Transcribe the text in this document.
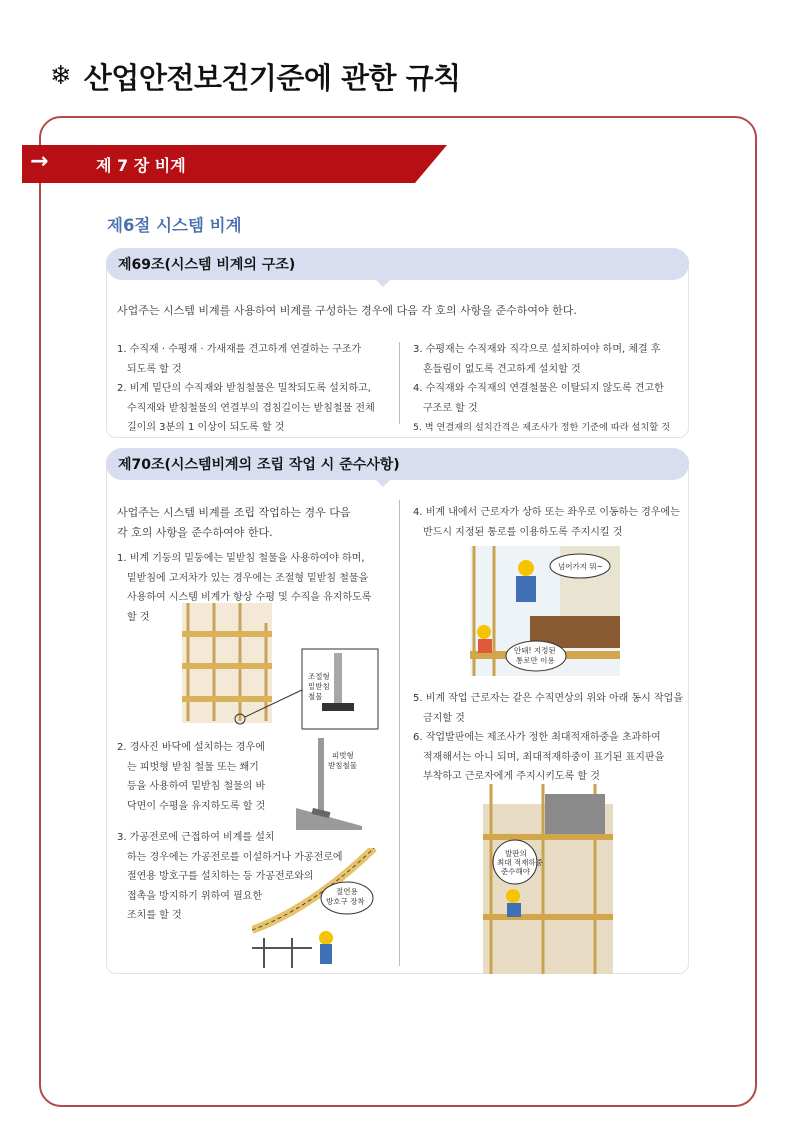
❄ 산업안전보건기준에 관한 규칙
→	제 7 장 비계
제6절 시스템 비계
제69조(시스템 비계의 구조)
사업주는 시스템 비계를 사용하여 비계를 구성하는 경우에 다음 각 호의 사항을 준수하여야 한다.
1. 수직재 · 수평재 · 가새재를 견고하게 연결하는 구조가
되도록 할 것
2. 비계 밑단의 수직재와 받침철물은 밀착되도록 설치하고,
수직재와 받침철물의 연결부의 겹침길이는 받침철물 전체
길이의 3분의 1 이상이 되도록 할 것
3. 수평재는 수직재와 직각으로 설치하여야 하며, 체결 후
흔들림이 없도록 견고하게 설치할 것
4. 수직재와 수직재의 연결철물은 이탈되지 않도록 견고한
구조로 할 것
5. 벽 연결재의 설치간격은 제조사가 정한 기준에 따라 설치할 것
제70조(시스템비계의 조립 작업 시 준수사항)
사업주는 시스템 비계를 조립 작업하는 경우 다음
각 호의 사항을 준수하여야 한다.
1. 비계 기둥의 밑둥에는 밑받침 철물을 사용하여야 하며,
밑받침에 고저차가 있는 경우에는 조절형 밑받침 철물을
사용하여 시스템 비계가 항상 수평 및 수직을 유지하도록
할 것
조절형
밑받침
철물
2. 경사진 바닥에 설치하는 경우에
는 피벗형 받침 철물 또는 쐐기
등을 사용하여 밑받침 철물의 바
닥면이 수평을 유지하도록 할 것
피벗형
받침철물
3. 가공전로에 근접하여 비계를 설치
하는 경우에는 가공전로를 이설하거나 가공전로에
절연용 방호구를 설치하는 등 가공전로와의
접촉을 방지하기 위하여 필요한
조치를 할 것
절연용
방호구 장착
4. 비계 내에서 근로자가 상하 또는 좌우로 이동하는 경우에는
반드시 지정된 통로를 이용하도록 주지시킬 것
넘어가지 뭐~
안돼! 지정된
통로만 이용
5. 비계 작업 근로자는 같은 수직면상의 위와 아래 동시 작업을
금지할 것
6. 작업발판에는 제조사가 정한 최대적재하중을 초과하여
적재해서는 아니 되며, 최대적재하중이 표기된 표지판을
부착하고 근로자에게 주지시키도록 할 것
발판의
최대 적재하중
준수해야
